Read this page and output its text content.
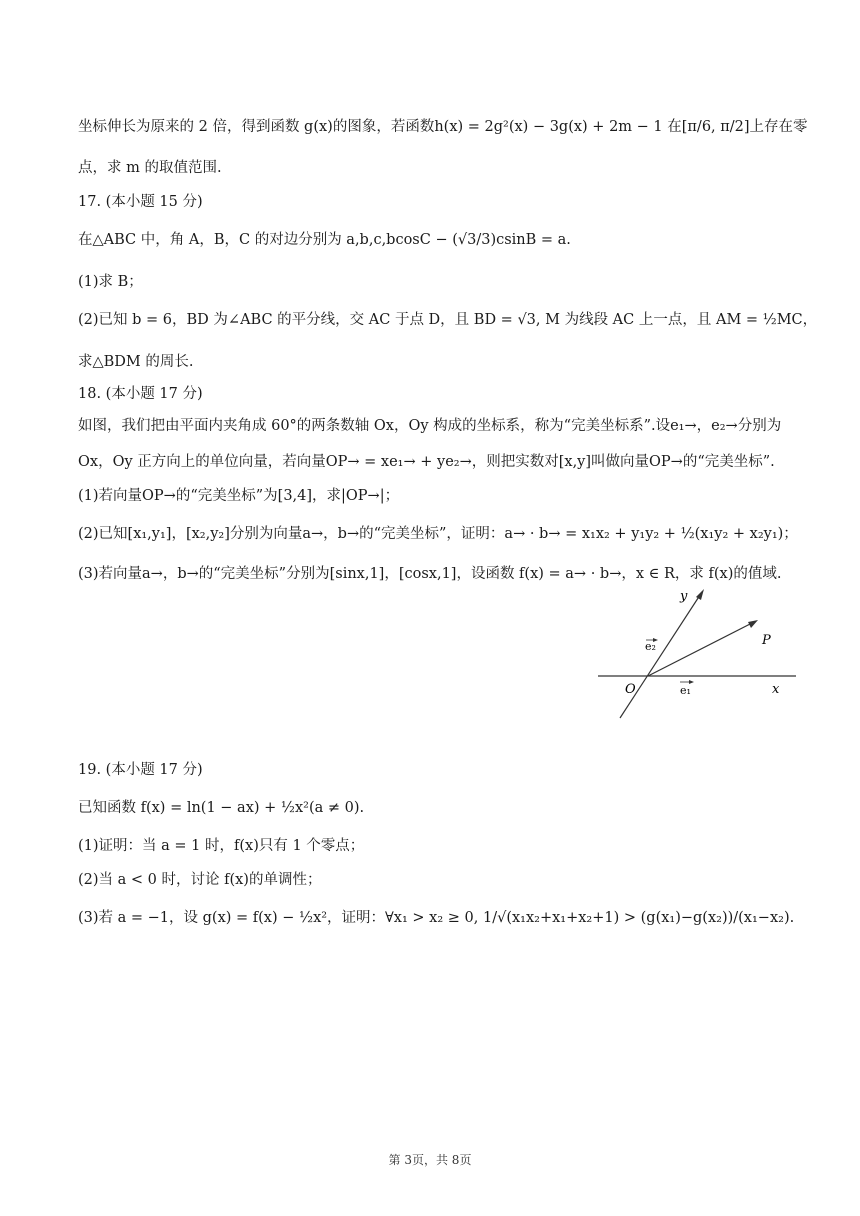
坐标伸长为原来的 2 倍，得到函数 g(x)的图象，若函数h(x) = 2g²(x) − 3g(x) + 2m − 1 在[π/6, π/2]上存在零
点，求 m 的取值范围.
17. (本小题 15 分)
在△ABC 中，角 A，B，C 的对边分别为 a,b,c,bcosC − (√3/3)csinB = a.
(1)求 B；
(2)已知 b = 6，BD 为∠ABC 的平分线，交 AC 于点 D，且 BD = √3, M 为线段 AC 上一点，且 AM = ½MC，
求△BDM 的周长.
18. (本小题 17 分)
如图，我们把由平面内夹角成 60°的两条数轴 Ox，Oy 构成的坐标系，称为“完美坐标系”.设e₁→，e₂→分别为
Ox，Oy 正方向上的单位向量，若向量OP→ = xe₁→ + ye₂→，则把实数对[x,y]叫做向量OP→的“完美坐标”.
(1)若向量OP→的“完美坐标”为[3,4]，求|OP→|；
(2)已知[x₁,y₁]，[x₂,y₂]分别为向量a→，b→的“完美坐标”，证明：a→ · b→ = x₁x₂ + y₁y₂ + ½(x₁y₂ + x₂y₁)；
(3)若向量a→，b→的“完美坐标”分别为[sinx,1]，[cosx,1]，设函数 f(x) = a→ · b→，x ∈ R，求 f(x)的值域.
19. (本小题 17 分)
已知函数 f(x) = ln(1 − ax) + ½x²(a ≠ 0).
(1)证明：当 a = 1 时，f(x)只有 1 个零点；
(2)当 a < 0 时，讨论 f(x)的单调性；
(3)若 a = −1，设 g(x) = f(x) − ½x²，证明：∀x₁ > x₂ ≥ 0, 1/√(x₁x₂+x₁+x₂+1) > (g(x₁)−g(x₂))/(x₁−x₂).
y
P
e₂
O	e₁	x
第 3页，共 8页
